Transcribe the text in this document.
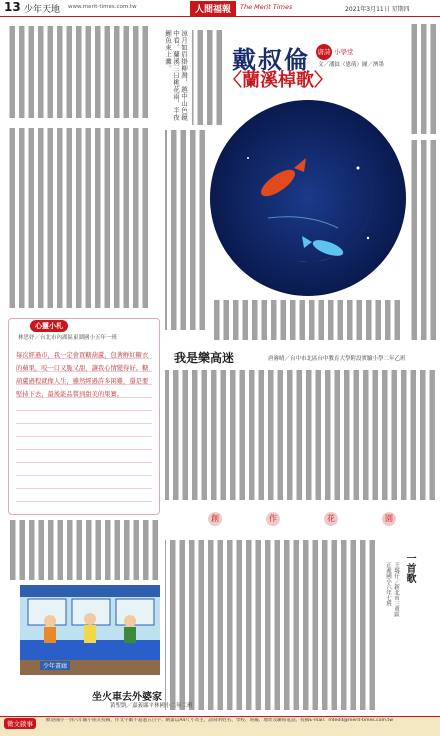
13 少年天地 www.merit-times.com.tw	人間福報	The Merit Times	2021年3月11日 星期四
涼月如眉掛柳灣，越中山色鏡中看。蘭溪三日桃花雨，半夜鯉魚來上灘。	戴叔倫 唐詩 小學堂
文／潘紋（恩萌）圖／濟墨
〈蘭溪棹歌〉
我是樂高迷	唐濬晴／台中市北區台中教育大學附設實驗小學二年乙班
心靈小札
林思妤／台北市內湖區東湖國小五年一班
每次經過市，我一定會買糖葫蘆，包著鮮紅糖衣的蘋果，咬一口又脆又甜，讓我心情變得好。糖葫蘆過程就像人生，雖然經過許多困難，還是要堅持下去，最後能品嘗到甜美的果實。
少年畫廊
坐火車去外婆家
黃聖凱／嘉義縣平林國小二年二班
創	作	花	園
一首歌
王璿仔／新北市三重區正義國小六年七班
徵文啟事	歡迎國小一到六年級小朋友投稿，作文字數不超過五百字；繪畫以A4尺寸為主，請寫明姓名、學校、班級、地址及聯絡電話。投稿E-mail：mtedit@merit-times.com.tw
